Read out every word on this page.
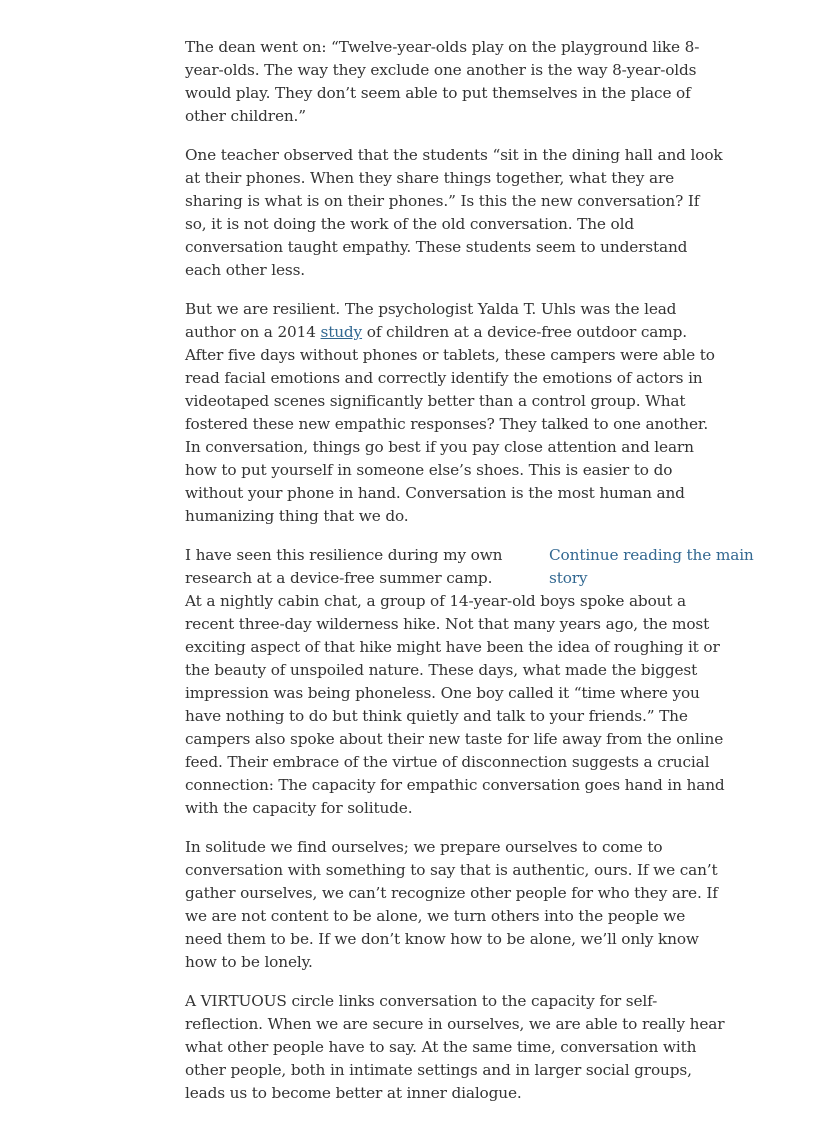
The dean went on: “Twelve-year-olds play on the playground like 8-year-olds. The way they exclude one another is the way 8-year-olds would play. They don’t seem able to put themselves in the place of other children.”

One teacher observed that the students “sit in the dining hall and look at their phones. When they share things together, what they are sharing is what is on their phones.” Is this the new conversation? If so, it is not doing the work of the old conversation. The old conversation taught empathy. These students seem to understand each other less.

But we are resilient. The psychologist Yalda T. Uhls was the lead author on a 2014 study of children at a device-free outdoor camp. After five days without phones or tablets, these campers were able to read facial emotions and correctly identify the emotions of actors in videotaped scenes significantly better than a control group. What fostered these new empathic responses? They talked to one another. In conversation, things go best if you pay close attention and learn how to put yourself in someone else’s shoes. This is easier to do without your phone in hand. Conversation is the most human and humanizing thing that we do.

Continue reading the main story

I have seen this resilience during my own research at a device-free summer camp. At a nightly cabin chat, a group of 14-year-old boys spoke about a recent three-day wilderness hike. Not that many years ago, the most exciting aspect of that hike might have been the idea of roughing it or the beauty of unspoiled nature. These days, what made the biggest impression was being phoneless. One boy called it “time where you have nothing to do but think quietly and talk to your friends.” The campers also spoke about their new taste for life away from the online feed. Their embrace of the virtue of disconnection suggests a crucial connection: The capacity for empathic conversation goes hand in hand with the capacity for solitude.

In solitude we find ourselves; we prepare ourselves to come to conversation with something to say that is authentic, ours. If we can’t gather ourselves, we can’t recognize other people for who they are. If we are not content to be alone, we turn others into the people we need them to be. If we don’t know how to be alone, we’ll only know how to be lonely.

A VIRTUOUS circle links conversation to the capacity for self-reflection. When we are secure in ourselves, we are able to really hear what other people have to say. At the same time, conversation with other people, both in intimate settings and in larger social groups, leads us to become better at inner dialogue.
